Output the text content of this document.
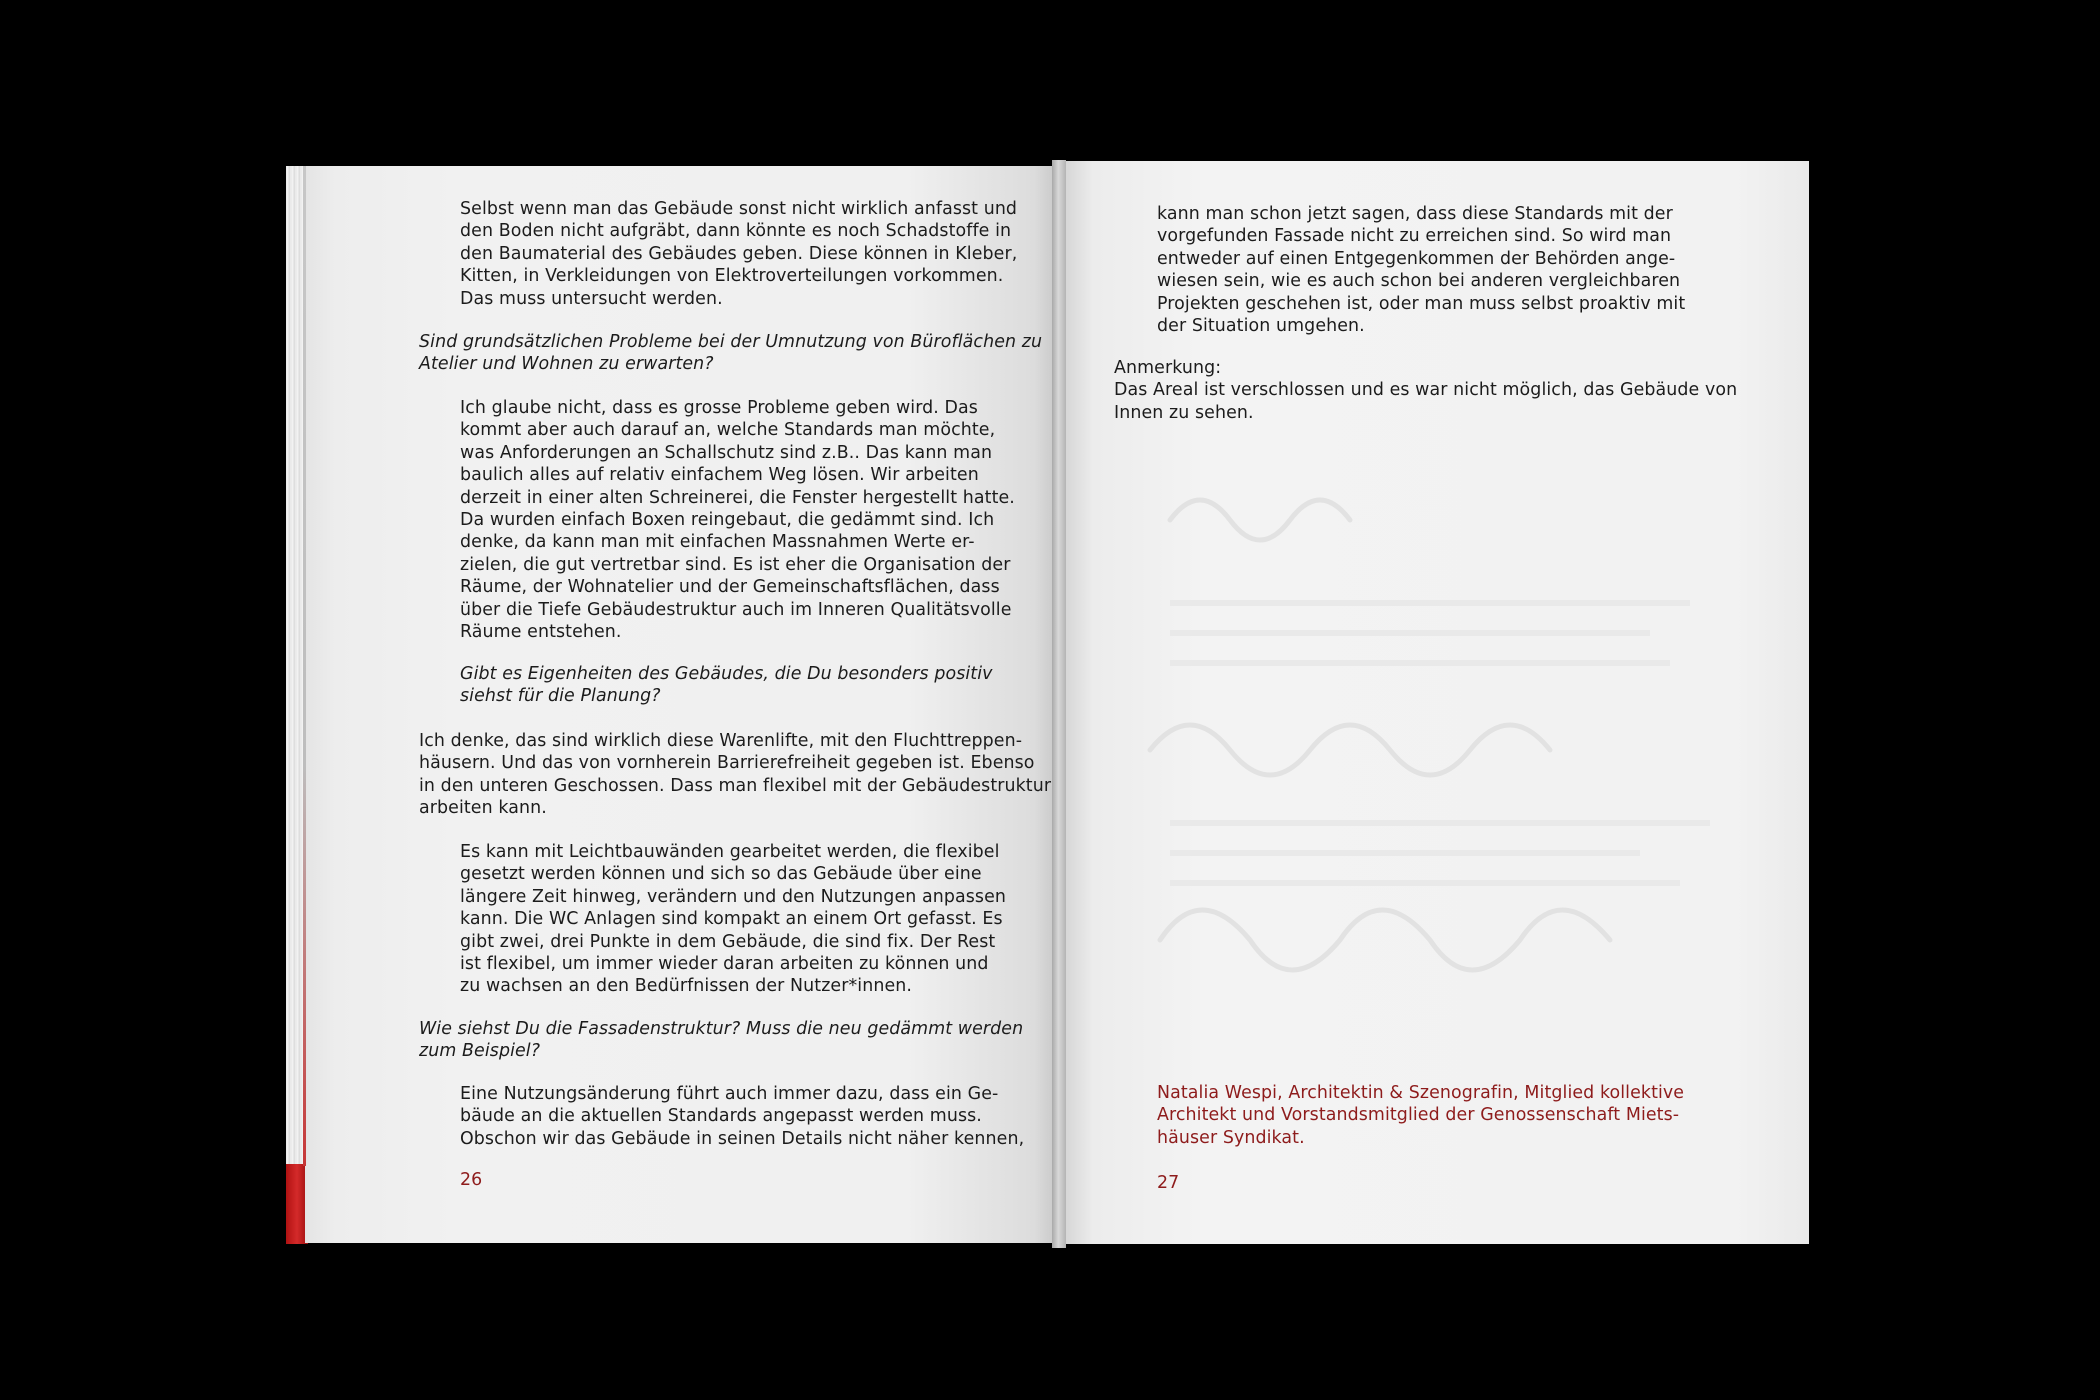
Selbst wenn man das Gebäude sonst nicht wirklich anfasst und
den Boden nicht aufgräbt, dann könnte es noch Schadstoffe in
den Baumaterial des Gebäudes geben. Diese können in Kleber,
Kitten, in Verkleidungen von Elektroverteilungen vorkommen.
Das muss untersucht werden.

Sind grundsätzlichen Probleme bei der Umnutzung von Büroflächen zu
Atelier und Wohnen zu erwarten?

Ich glaube nicht, dass es grosse Probleme geben wird. Das
kommt aber auch darauf an, welche Standards man möchte,
was Anforderungen an Schallschutz sind z.B.. Das kann man
baulich alles auf relativ einfachem Weg lösen. Wir arbeiten
derzeit in einer alten Schreinerei, die Fenster hergestellt hatte.
Da wurden einfach Boxen reingebaut, die gedämmt sind. Ich
denke, da kann man mit einfachen Massnahmen Werte er-
zielen, die gut vertretbar sind. Es ist eher die Organisation der
Räume, der Wohnatelier und der Gemeinschaftsflächen, dass
über die Tiefe Gebäudestruktur auch im Inneren Qualitätsvolle
Räume entstehen.

Gibt es Eigenheiten des Gebäudes, die Du besonders positiv
siehst für die Planung?

Ich denke, das sind wirklich diese Warenlifte, mit den Fluchttreppen-
häusern. Und das von vornherein Barrierefreiheit gegeben ist. Ebenso
in den unteren Geschossen. Dass man flexibel mit der Gebäudestruktur
arbeiten kann.

Es kann mit Leichtbauwänden gearbeitet werden, die flexibel
gesetzt werden können und sich so das Gebäude über eine
längere Zeit hinweg, verändern und den Nutzungen anpassen
kann. Die WC Anlagen sind kompakt an einem Ort gefasst. Es
gibt zwei, drei Punkte in dem Gebäude, die sind fix. Der Rest
ist flexibel, um immer wieder daran arbeiten zu können und
zu wachsen an den Bedürfnissen der Nutzer*innen.

Wie siehst Du die Fassadenstruktur? Muss die neu gedämmt werden
zum Beispiel?

Eine Nutzungsänderung führt auch immer dazu, dass ein Ge-
bäude an die aktuellen Standards angepasst werden muss.
Obschon wir das Gebäude in seinen Details nicht näher kennen,

26

kann man schon jetzt sagen, dass diese Standards mit der
vorgefunden Fassade nicht zu erreichen sind. So wird man
entweder auf einen Entgegenkommen der Behörden ange-
wiesen sein, wie es auch schon bei anderen vergleichbaren
Projekten geschehen ist, oder man muss selbst proaktiv mit
der Situation umgehen.

Anmerkung:
Das Areal ist verschlossen und es war nicht möglich, das Gebäude von
Innen zu sehen.

Natalia Wespi, Architektin & Szenografin, Mitglied kollektive
Architekt und Vorstandsmitglied der Genossenschaft Miets-
häuser Syndikat.

27
